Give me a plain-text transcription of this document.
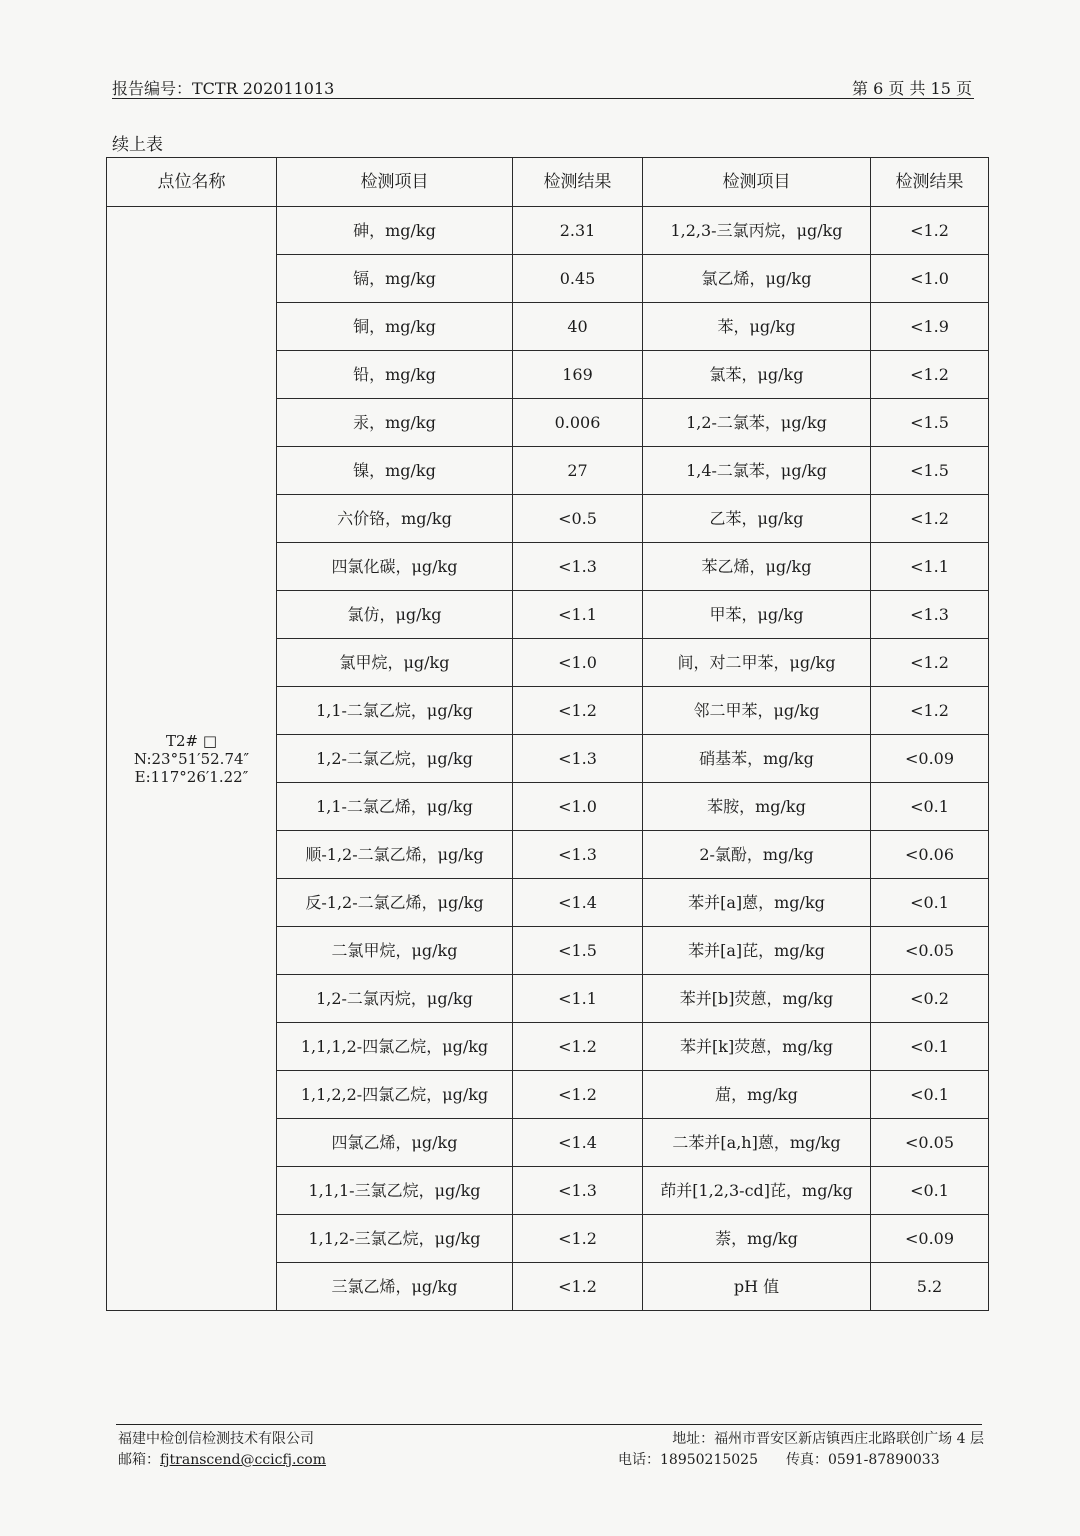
报告编号：TCTR 202011013	第 6 页 共 15 页
续上表
点位名称	检测项目	检测结果	检测项目	检测结果

T2# □
N:23°51′52.74″
E:117°26′1.22″	砷，mg/kg	2.31	1,2,3-三氯丙烷，μg/kg	<1.2
	镉，mg/kg	0.45	氯乙烯，μg/kg	<1.0
	铜，mg/kg	40	苯，μg/kg	<1.9
	铅，mg/kg	169	氯苯，μg/kg	<1.2
	汞，mg/kg	0.006	1,2-二氯苯，μg/kg	<1.5
	镍，mg/kg	27	1,4-二氯苯，μg/kg	<1.5
	六价铬，mg/kg	<0.5	乙苯，μg/kg	<1.2
	四氯化碳，μg/kg	<1.3	苯乙烯，μg/kg	<1.1
	氯仿，μg/kg	<1.1	甲苯，μg/kg	<1.3
	氯甲烷，μg/kg	<1.0	间，对二甲苯，μg/kg	<1.2
	1,1-二氯乙烷，μg/kg	<1.2	邻二甲苯，μg/kg	<1.2
	1,2-二氯乙烷，μg/kg	<1.3	硝基苯，mg/kg	<0.09
	1,1-二氯乙烯，μg/kg	<1.0	苯胺，mg/kg	<0.1
	顺-1,2-二氯乙烯，μg/kg	<1.3	2-氯酚，mg/kg	<0.06
	反-1,2-二氯乙烯，μg/kg	<1.4	苯并[a]蒽，mg/kg	<0.1
	二氯甲烷，μg/kg	<1.5	苯并[a]芘，mg/kg	<0.05
	1,2-二氯丙烷，μg/kg	<1.1	苯并[b]荧蒽，mg/kg	<0.2
	1,1,1,2-四氯乙烷，μg/kg	<1.2	苯并[k]荧蒽，mg/kg	<0.1
	1,1,2,2-四氯乙烷，μg/kg	<1.2	䓛，mg/kg	<0.1
	四氯乙烯，μg/kg	<1.4	二苯并[a,h]蒽，mg/kg	<0.05
	1,1,1-三氯乙烷，μg/kg	<1.3	茚并[1,2,3-cd]芘，mg/kg	<0.1
	1,1,2-三氯乙烷，μg/kg	<1.2	萘，mg/kg	<0.09
	三氯乙烯，μg/kg	<1.2	pH 值	5.2
福建中检创信检测技术有限公司
邮箱：fjtranscend@ccicfj.com
地址：福州市晋安区新店镇西庄北路联创广场 4 层
电话：18950215025 传真：0591-87890033
